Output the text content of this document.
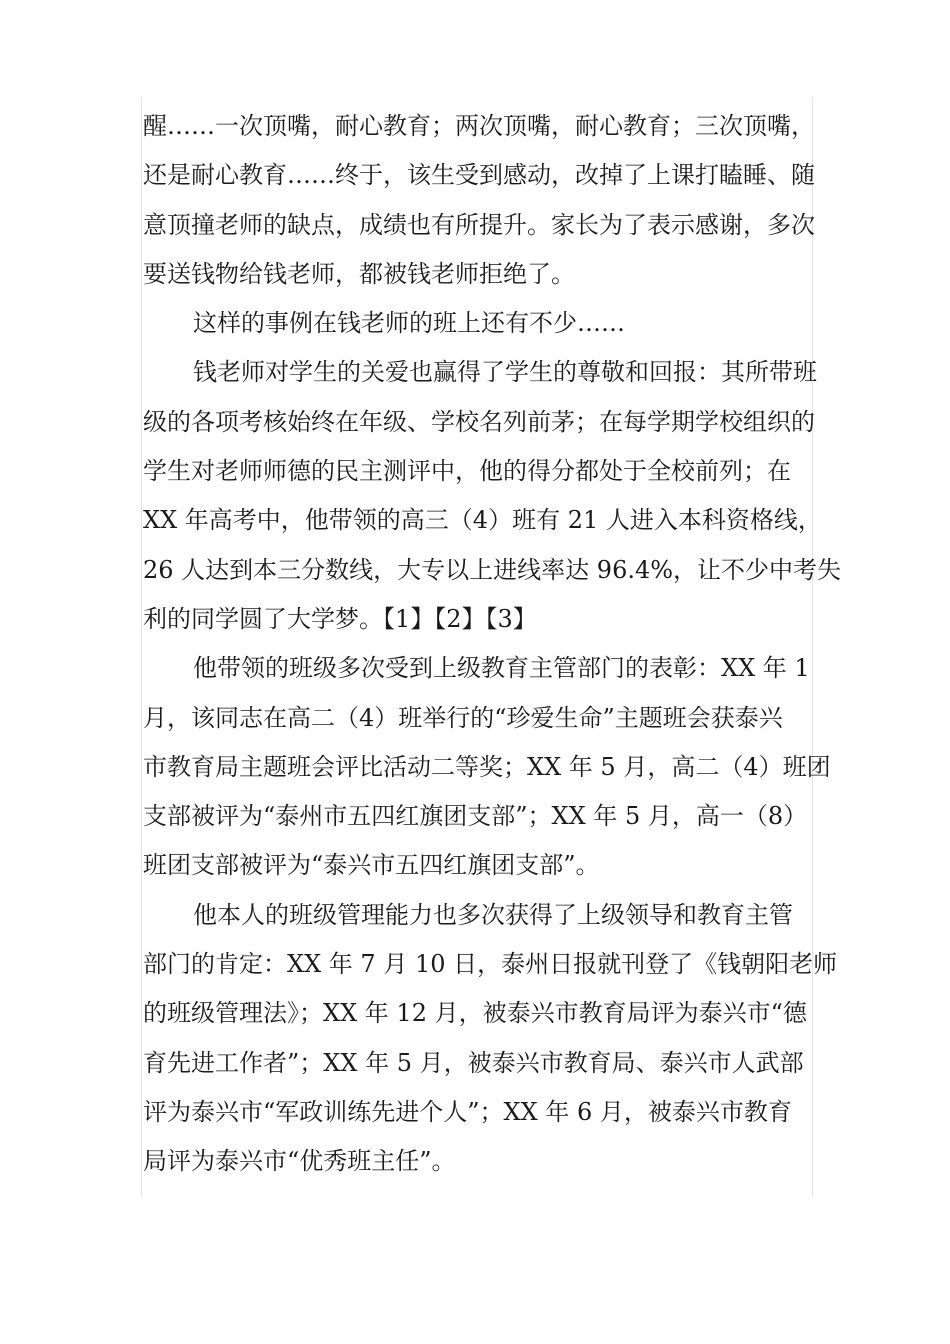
醒……一次顶嘴，耐心教育；两次顶嘴，耐心教育；三次顶嘴，
还是耐心教育……终于，该生受到感动，改掉了上课打瞌睡、随
意顶撞老师的缺点，成绩也有所提升。家长为了表示感谢，多次
要送钱物给钱老师，都被钱老师拒绝了。
这样的事例在钱老师的班上还有不少……
钱老师对学生的关爱也赢得了学生的尊敬和回报：其所带班
级的各项考核始终在年级、学校名列前茅；在每学期学校组织的
学生对老师师德的民主测评中，他的得分都处于全校前列；在
XX 年高考中，他带领的高三（4）班有 21 人进入本科资格线，
26 人达到本三分数线，大专以上进线率达 96.4%，让不少中考失
利的同学圆了大学梦。【1】【2】【3】
他带领的班级多次受到上级教育主管部门的表彰：XX 年 1
月，该同志在高二（4）班举行的“珍爱生命”主题班会获泰兴
市教育局主题班会评比活动二等奖；XX 年 5 月，高二（4）班团
支部被评为“泰州市五四红旗团支部”；XX 年 5 月，高一（8）
班团支部被评为“泰兴市五四红旗团支部”。
他本人的班级管理能力也多次获得了上级领导和教育主管
部门的肯定：XX 年 7 月 10 日，泰州日报就刊登了《钱朝阳老师
的班级管理法》；XX 年 12 月，被泰兴市教育局评为泰兴市“德
育先进工作者”；XX 年 5 月，被泰兴市教育局、泰兴市人武部
评为泰兴市“军政训练先进个人”；XX 年 6 月，被泰兴市教育
局评为泰兴市“优秀班主任”。
